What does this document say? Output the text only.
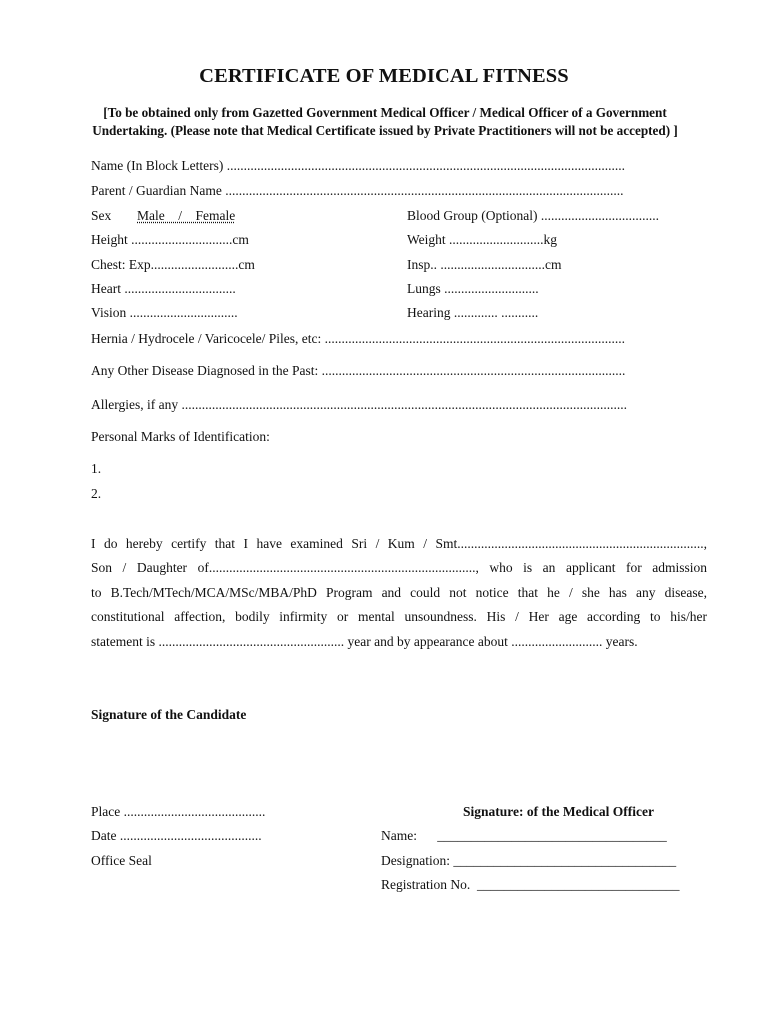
CERTIFICATE OF MEDICAL FITNESS
[To be obtained only from Gazetted Government Medical Officer / Medical Officer of a Government Undertaking. (Please note that Medical Certificate issued by Private Practitioners will not be accepted) ]
Name (In Block Letters) ......................................................................................................................
Parent / Guardian Name ......................................................................................................................
Sex Male    /    Female	Blood Group (Optional) ...................................
Height ..............................cm	Weight ............................kg
Chest: Exp..........................cm	Insp.. ...............................cm
Heart .................................	Lungs ............................
Vision ................................	Hearing ............. ...........
Hernia / Hydrocele / Varicocele/ Piles, etc: .........................................................................................
Any Other Disease Diagnosed in the Past: ..........................................................................................
Allergies, if any ....................................................................................................................................
Personal Marks of Identification:
1.
2.
I do hereby certify that I have examined Sri / Kum / Smt.........................................................................,
Son / Daughter of..............................................................................., who is an applicant for admission
to B.Tech/MTech/MCA/MSc/MBA/PhD Program and could not notice that he / she has any disease,
constitutional affection, bodily infirmity or mental unsoundness. His / Her age according to his/her
statement is ....................................................... year and by appearance about ........................... years.
Signature of the Candidate
Place ..........................................
Date ..........................................
Office Seal
Signature: of the Medical Officer
Name:      __________________________________
Designation: _________________________________
Registration No.  ______________________________
